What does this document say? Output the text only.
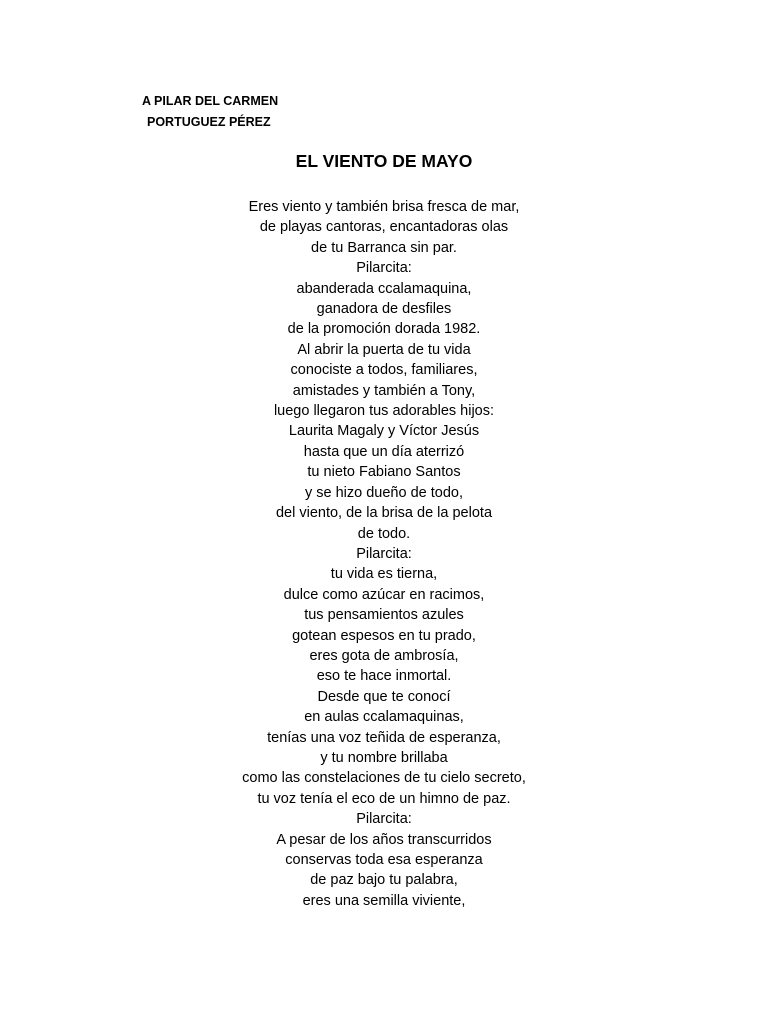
A PILAR DEL CARMEN
PORTUGUEZ PÉREZ
EL VIENTO DE MAYO
Eres viento y también brisa fresca de mar,
de playas cantoras, encantadoras olas
de tu Barranca sin par.
Pilarcita:
abanderada ccalamaquina,
ganadora de desfiles
de la promoción dorada 1982.
Al abrir la puerta de tu vida
conociste a todos, familiares,
amistades y también a Tony,
luego llegaron tus adorables hijos:
Laurita Magaly y Víctor Jesús
hasta que un día aterrizó
tu nieto Fabiano Santos
y se hizo dueño de todo,
del viento, de la brisa de la pelota
de todo.
Pilarcita:
tu vida es tierna,
dulce como azúcar en racimos,
tus pensamientos azules
gotean espesos en tu prado,
eres gota de ambrosía,
eso te hace inmortal.
Desde que te conocí
en aulas ccalamaquinas,
tenías una voz teñida de esperanza,
y tu nombre brillaba
como las constelaciones de tu cielo secreto,
tu voz tenía el eco de un himno de paz.
Pilarcita:
A pesar de los años transcurridos
conservas toda esa esperanza
de paz bajo tu palabra,
eres una semilla viviente,
